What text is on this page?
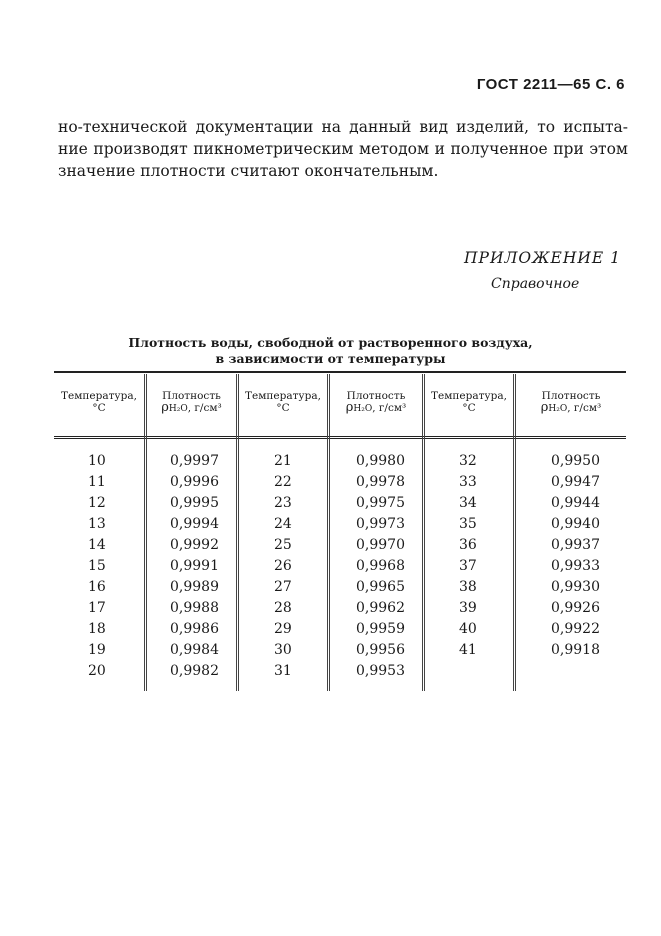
ГОСТ 2211—65 С. 6
но-технической документации на данный вид изделий, то испыта-
ние производят пикнометрическим методом и полученное при этом
значение плотности считают окончательным.
ПРИЛОЖЕНИЕ 1
Справочное
Плотность воды, свободной от растворенного воздуха,
в зависимости от температуры
Температура,
°С
Плотность
ρH₂O, г/см³
Температура,
°С
Плотность
ρH₂O, г/см³
Температура,
°С
Плотность
ρH₂O, г/см³
10
11
12
13
14
15
16
17
18
19
20
0,9997
0,9996
0,9995
0,9994
0,9992
0,9991
0,9989
0,9988
0,9986
0,9984
0,9982
21
22
23
24
25
26
27
28
29
30
31
0,9980
0,9978
0,9975
0,9973
0,9970
0,9968
0,9965
0,9962
0,9959
0,9956
0,9953
32
33
34
35
36
37
38
39
40
41
0,9950
0,9947
0,9944
0,9940
0,9937
0,9933
0,9930
0,9926
0,9922
0,9918
